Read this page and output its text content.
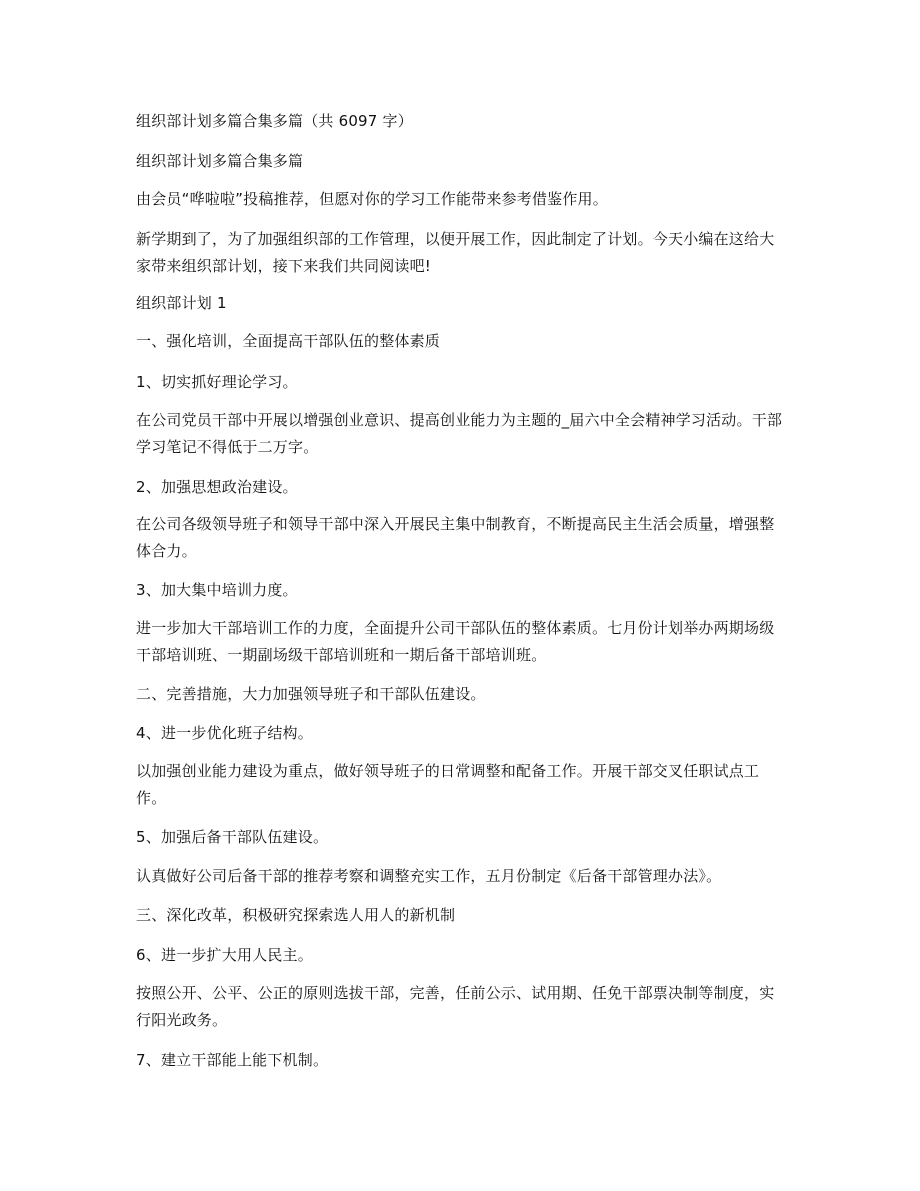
组织部计划多篇合集多篇（共 6097 字）

组织部计划多篇合集多篇

由会员“哗啦啦”投稿推荐，但愿对你的学习工作能带来参考借鉴作用。

新学期到了，为了加强组织部的工作管理，以便开展工作，因此制定了计划。今天小编在这给大家带来组织部计划，接下来我们共同阅读吧!

组织部计划 1

一、强化培训，全面提高干部队伍的整体素质

1、切实抓好理论学习。

在公司党员干部中开展以增强创业意识、提高创业能力为主题的_届六中全会精神学习活动。干部学习笔记不得低于二万字。

2、加强思想政治建设。

在公司各级领导班子和领导干部中深入开展民主集中制教育，不断提高民主生活会质量，增强整体合力。

3、加大集中培训力度。

进一步加大干部培训工作的力度，全面提升公司干部队伍的整体素质。七月份计划举办两期场级干部培训班、一期副场级干部培训班和一期后备干部培训班。

二、完善措施，大力加强领导班子和干部队伍建设。

4、进一步优化班子结构。

以加强创业能力建设为重点，做好领导班子的日常调整和配备工作。开展干部交叉任职试点工作。

5、加强后备干部队伍建设。

认真做好公司后备干部的推荐考察和调整充实工作，五月份制定《后备干部管理办法》。

三、深化改革，积极研究探索选人用人的新机制

6、进一步扩大用人民主。

按照公开、公平、公正的原则选拔干部，完善，任前公示、试用期、任免干部票决制等制度，实行阳光政务。

7、建立干部能上能下机制。
